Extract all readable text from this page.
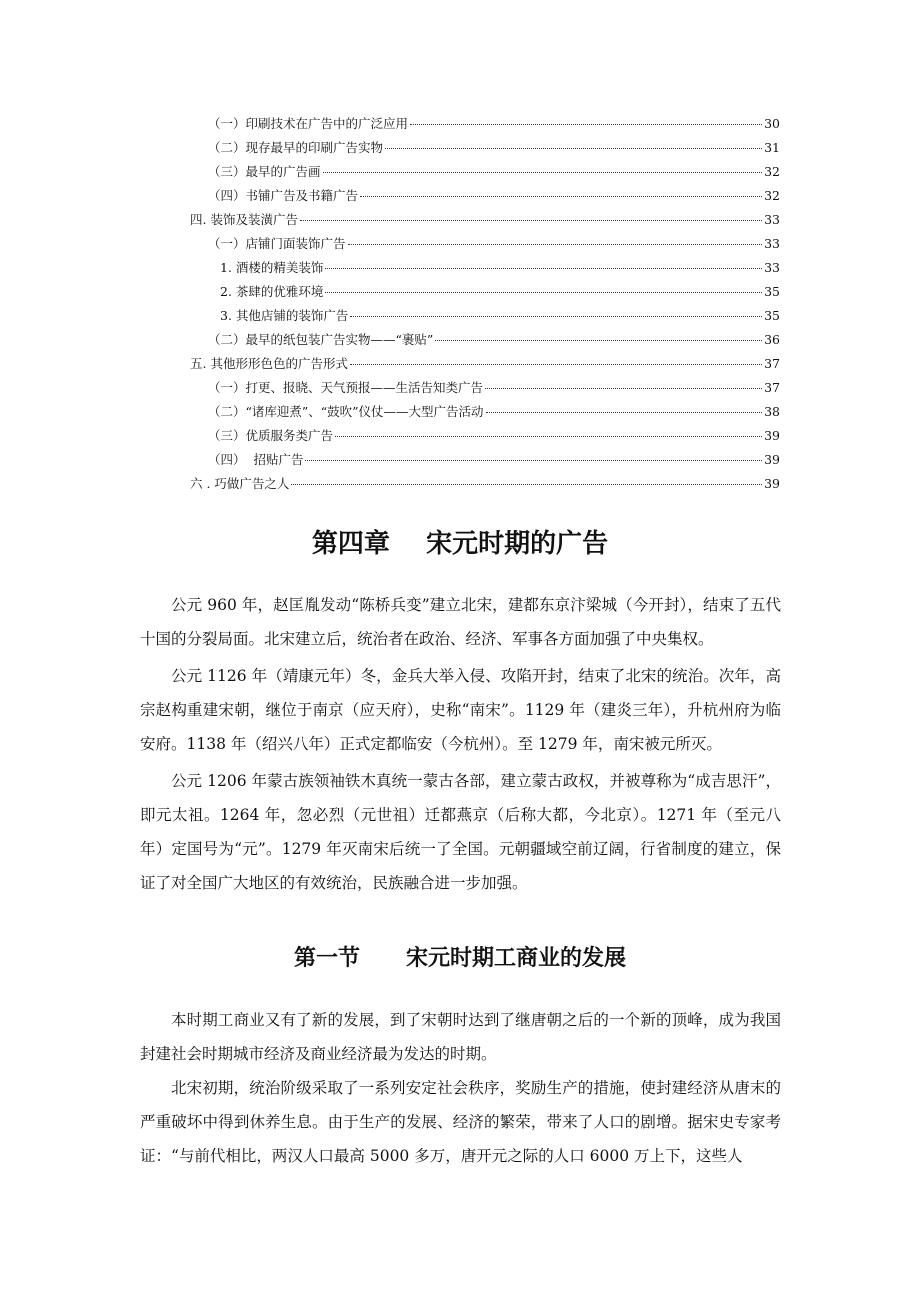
（一）印刷技术在广告中的广泛应用	30
（二）现存最早的印刷广告实物	31
（三）最早的广告画	32
（四）书铺广告及书籍广告	32
四. 装饰及装潢广告	33
（一）店铺门面装饰广告	33
1. 酒楼的精美装饰	33
2. 茶肆的优雅环境	35
3. 其他店铺的装饰广告	35
（二）最早的纸包装广告实物——“裹贴”	36
五. 其他形形色色的广告形式	37
（一）打更、报晓、天气预报——生活告知类广告	37
（二）“诸库迎煮”、“鼓吹”仪仗——大型广告活动	38
（三）优质服务类广告	39
（四）  招贴广告	39
六 . 巧做广告之人	39
第四章    宋元时期的广告

公元 960 年，赵匡胤发动“陈桥兵变”建立北宋，建都东京汴梁城（今开封），结束了五代十国的分裂局面。北宋建立后，统治者在政治、经济、军事各方面加强了中央集权。

公元 1126 年（靖康元年）冬，金兵大举入侵、攻陷开封，结束了北宋的统治。次年，高宗赵构重建宋朝，继位于南京（应天府），史称“南宋”。1129 年（建炎三年），升杭州府为临安府。1138 年（绍兴八年）正式定都临安（今杭州）。至 1279 年，南宋被元所灭。

公元 1206 年蒙古族领袖铁木真统一蒙古各部，建立蒙古政权，并被尊称为“成吉思汗”，即元太祖。1264 年，忽必烈（元世祖）迁都燕京（后称大都，今北京）。1271 年（至元八年）定国号为“元”。1279 年灭南宋后统一了全国。元朝疆域空前辽阔，行省制度的建立，保证了对全国广大地区的有效统治，民族融合进一步加强。

第一节      宋元时期工商业的发展

本时期工商业又有了新的发展，到了宋朝时达到了继唐朝之后的一个新的顶峰，成为我国封建社会时期城市经济及商业经济最为发达的时期。

北宋初期，统治阶级采取了一系列安定社会秩序，奖励生产的措施，使封建经济从唐末的严重破坏中得到休养生息。由于生产的发展、经济的繁荣，带来了人口的剧增。据宋史专家考证：“与前代相比，两汉人口最高 5000 多万，唐开元之际的人口 6000 万上下，这些人
